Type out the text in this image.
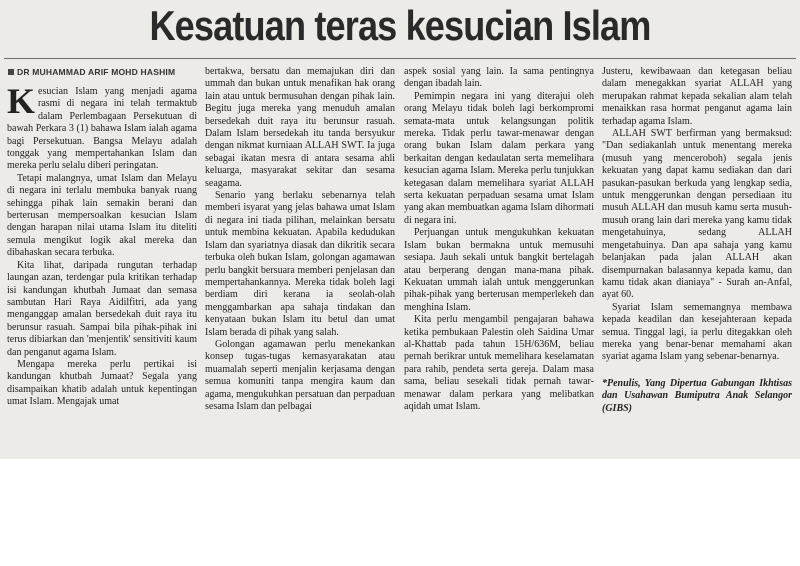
Kesatuan teras kesucian Islam
DR MUHAMMAD ARIF MOHD HASHIM

Kesucian Islam yang menjadi agama rasmi di negara ini telah termaktub dalam Perlembagaan Persekutuan di bawah Perkara 3 (1) bahawa Islam ialah agama bagi Persekutuan. Bangsa Melayu adalah tonggak yang mempertahankan Islam dan mereka perlu selalu diberi peringatan.

Tetapi malangnya, umat Islam dan Melayu di negara ini terlalu membuka banyak ruang sehingga pihak lain semakin berani dan berterusan mempersoalkan kesucian Islam dengan harapan nilai utama Islam itu diteliti semula mengikut logik akal mereka dan dibahaskan secara terbuka.

Kita lihat, daripada rungutan terhadap laungan azan, terdengar pula kritikan terhadap isi kandungan khutbah Jumaat dan semasa sambutan Hari Raya Aidilfitri, ada yang menganggap amalan bersedekah duit raya itu berunsur rasuah. Sampai bila pihak-pihak ini terus dibiarkan dan 'menjentik' sensitiviti kaum dan penganut agama Islam.

Mengapa mereka perlu pertikai isi kandungan khutbah Jumaat? Segala yang disampaikan khatib adalah untuk kepentingan umat Islam. Mengajak umat

bertakwa, bersatu dan memajukan diri dan ummah dan bukan untuk menafikan hak orang lain atau untuk bermusuhan dengan pihak lain. Begitu juga mereka yang menuduh amalan bersedekah duit raya itu berunsur rasuah. Dalam Islam bersedekah itu tanda bersyukur dengan nikmat kurniaan ALLAH SWT. Ia juga sebagai ikatan mesra di antara sesama ahli keluarga, masyarakat sekitar dan sesama seagama.

Senario yang berlaku sebenarnya telah memberi isyarat yang jelas bahawa umat Islam di negara ini tiada pilihan, melainkan bersatu untuk membina kekuatan. Apabila kedudukan Islam dan syariatnya diasak dan dikritik secara terbuka oleh bukan Islam, golongan agamawan perlu bangkit bersuara memberi penjelasan dan mempertahankannya. Mereka tidak boleh lagi berdiam diri kerana ia seolah-olah menggambarkan apa sahaja tindakan dan kenyataan bukan Islam itu betul dan umat Islam berada di pihak yang salah.

Golongan agamawan perlu menekankan konsep tugas-tugas kemasyarakatan atau muamalah seperti menjalin kerjasama dengan semua komuniti tanpa mengira kaum dan agama, mengukuhkan persatuan dan perpaduan sesama Islam dan pelbagai

aspek sosial yang lain. Ia sama pentingnya dengan ibadah lain.

Pemimpin negara ini yang diterajui oleh orang Melayu tidak boleh lagi berkompromi semata-mata untuk kelangsungan politik mereka. Tidak perlu tawar-menawar dengan orang bukan Islam dalam perkara yang berkaitan dengan kedaulatan serta memelihara kesucian agama Islam. Mereka perlu tunjukkan ketegasan dalam memelihara syariat ALLAH serta kekuatan perpaduan sesama umat Islam yang akan membuatkan agama Islam dihormati di negara ini.

Perjuangan untuk mengukuhkan kekuatan Islam bukan bermakna untuk memusuhi sesiapa. Jauh sekali untuk bangkit bertelagah atau berperang dengan mana-mana pihak. Kekuatan ummah ialah untuk menggerunkan pihak-pihak yang berterusan memperlekeh dan menghina Islam.

Kita perlu mengambil pengajaran bahawa ketika pembukaan Palestin oleh Saidina Umar al-Khattab pada tahun 15H/636M, beliau pernah berikrar untuk memelihara keselamatan para rahib, pendeta serta gereja. Dalam masa sama, beliau sesekali tidak pernah tawar-menawar dalam perkara yang melibatkan aqidah umat Islam.

Justeru, kewibawaan dan ketegasan beliau dalam menegakkan syariat ALLAH yang merupakan rahmat kepada sekalian alam telah menaikkan rasa hormat penganut agama lain terhadap agama Islam.

ALLAH SWT berfirman yang bermaksud: "Dan sediakanlah untuk menentang mereka (musuh yang menceroboh) segala jenis kekuatan yang dapat kamu sediakan dan dari pasukan-pasukan berkuda yang lengkap sedia, untuk menggerunkan dengan persediaan itu musuh ALLAH dan musuh kamu serta musuh-musuh orang lain dari mereka yang kamu tidak mengetahuinya, sedang ALLAH mengetahuinya. Dan apa sahaja yang kamu belanjakan pada jalan ALLAH akan disempurnakan balasannya kepada kamu, dan kamu tidak akan dianiaya" - Surah an-Anfal, ayat 60.

Syariat Islam sememangnya membawa kepada keadilan dan kesejahteraan kepada semua. Tinggal lagi, ia perlu ditegakkan oleh mereka yang benar-benar memahami akan syariat agama Islam yang sebenar-benarnya.

*Penulis, Yang Dipertua Gabungan Ikhtisas dan Usahawan Bumiputra Anak Selangor (GIBS)
